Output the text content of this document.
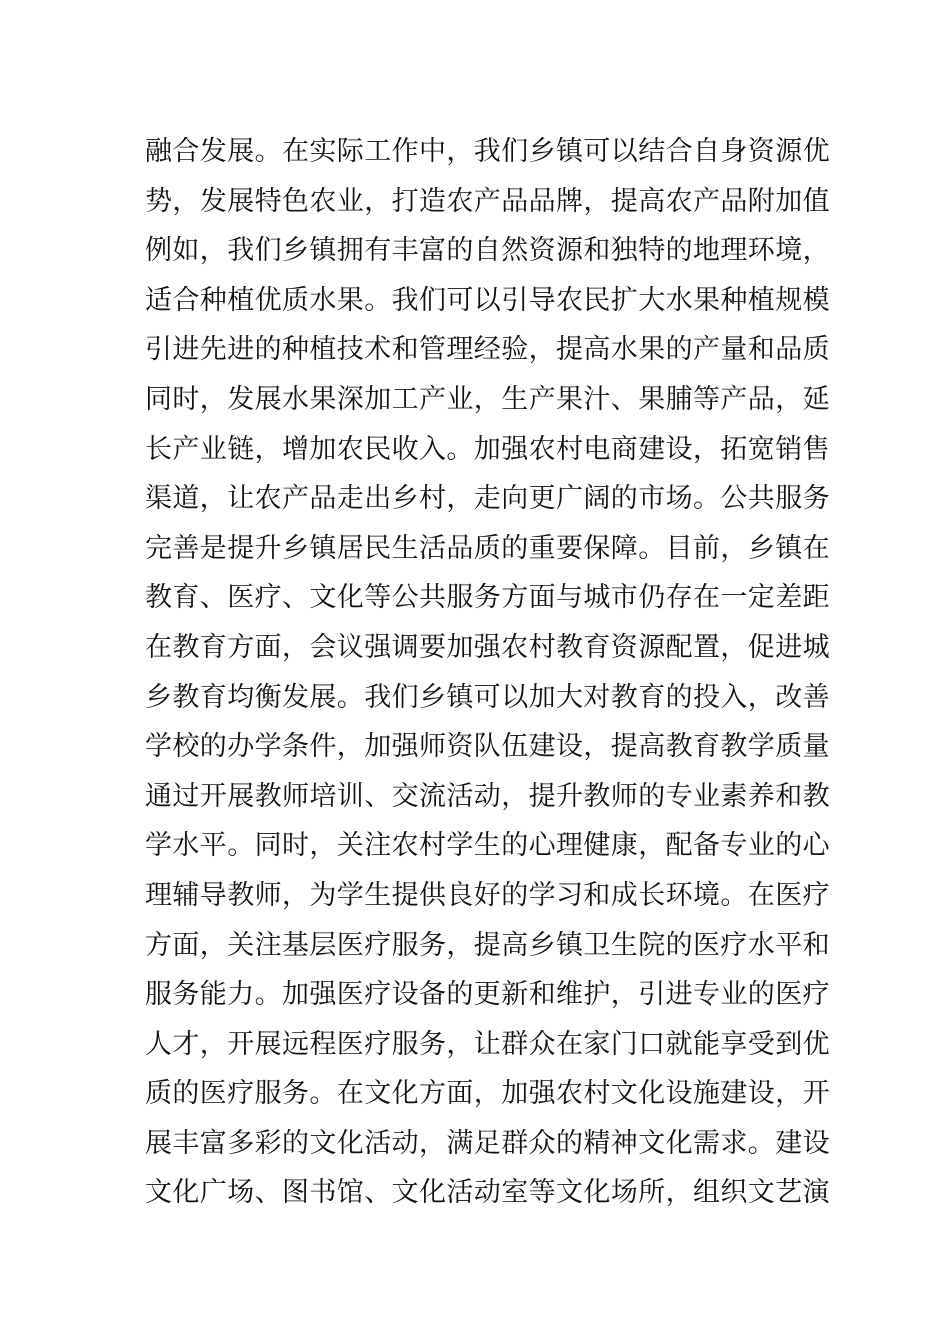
融合发展。在实际工作中，我们乡镇可以结合自身资源优
势，发展特色农业，打造农产品品牌，提高农产品附加值
例如，我们乡镇拥有丰富的自然资源和独特的地理环境，
适合种植优质水果。我们可以引导农民扩大水果种植规模
引进先进的种植技术和管理经验，提高水果的产量和品质
同时，发展水果深加工产业，生产果汁、果脯等产品，延
长产业链，增加农民收入。加强农村电商建设，拓宽销售
渠道，让农产品走出乡村，走向更广阔的市场。公共服务
完善是提升乡镇居民生活品质的重要保障。目前，乡镇在
教育、医疗、文化等公共服务方面与城市仍存在一定差距
在教育方面，会议强调要加强农村教育资源配置，促进城
乡教育均衡发展。我们乡镇可以加大对教育的投入，改善
学校的办学条件，加强师资队伍建设，提高教育教学质量
通过开展教师培训、交流活动，提升教师的专业素养和教
学水平。同时，关注农村学生的心理健康，配备专业的心
理辅导教师，为学生提供良好的学习和成长环境。在医疗
方面，关注基层医疗服务，提高乡镇卫生院的医疗水平和
服务能力。加强医疗设备的更新和维护，引进专业的医疗
人才，开展远程医疗服务，让群众在家门口就能享受到优
质的医疗服务。在文化方面，加强农村文化设施建设，开
展丰富多彩的文化活动，满足群众的精神文化需求。建设
文化广场、图书馆、文化活动室等文化场所，组织文艺演
